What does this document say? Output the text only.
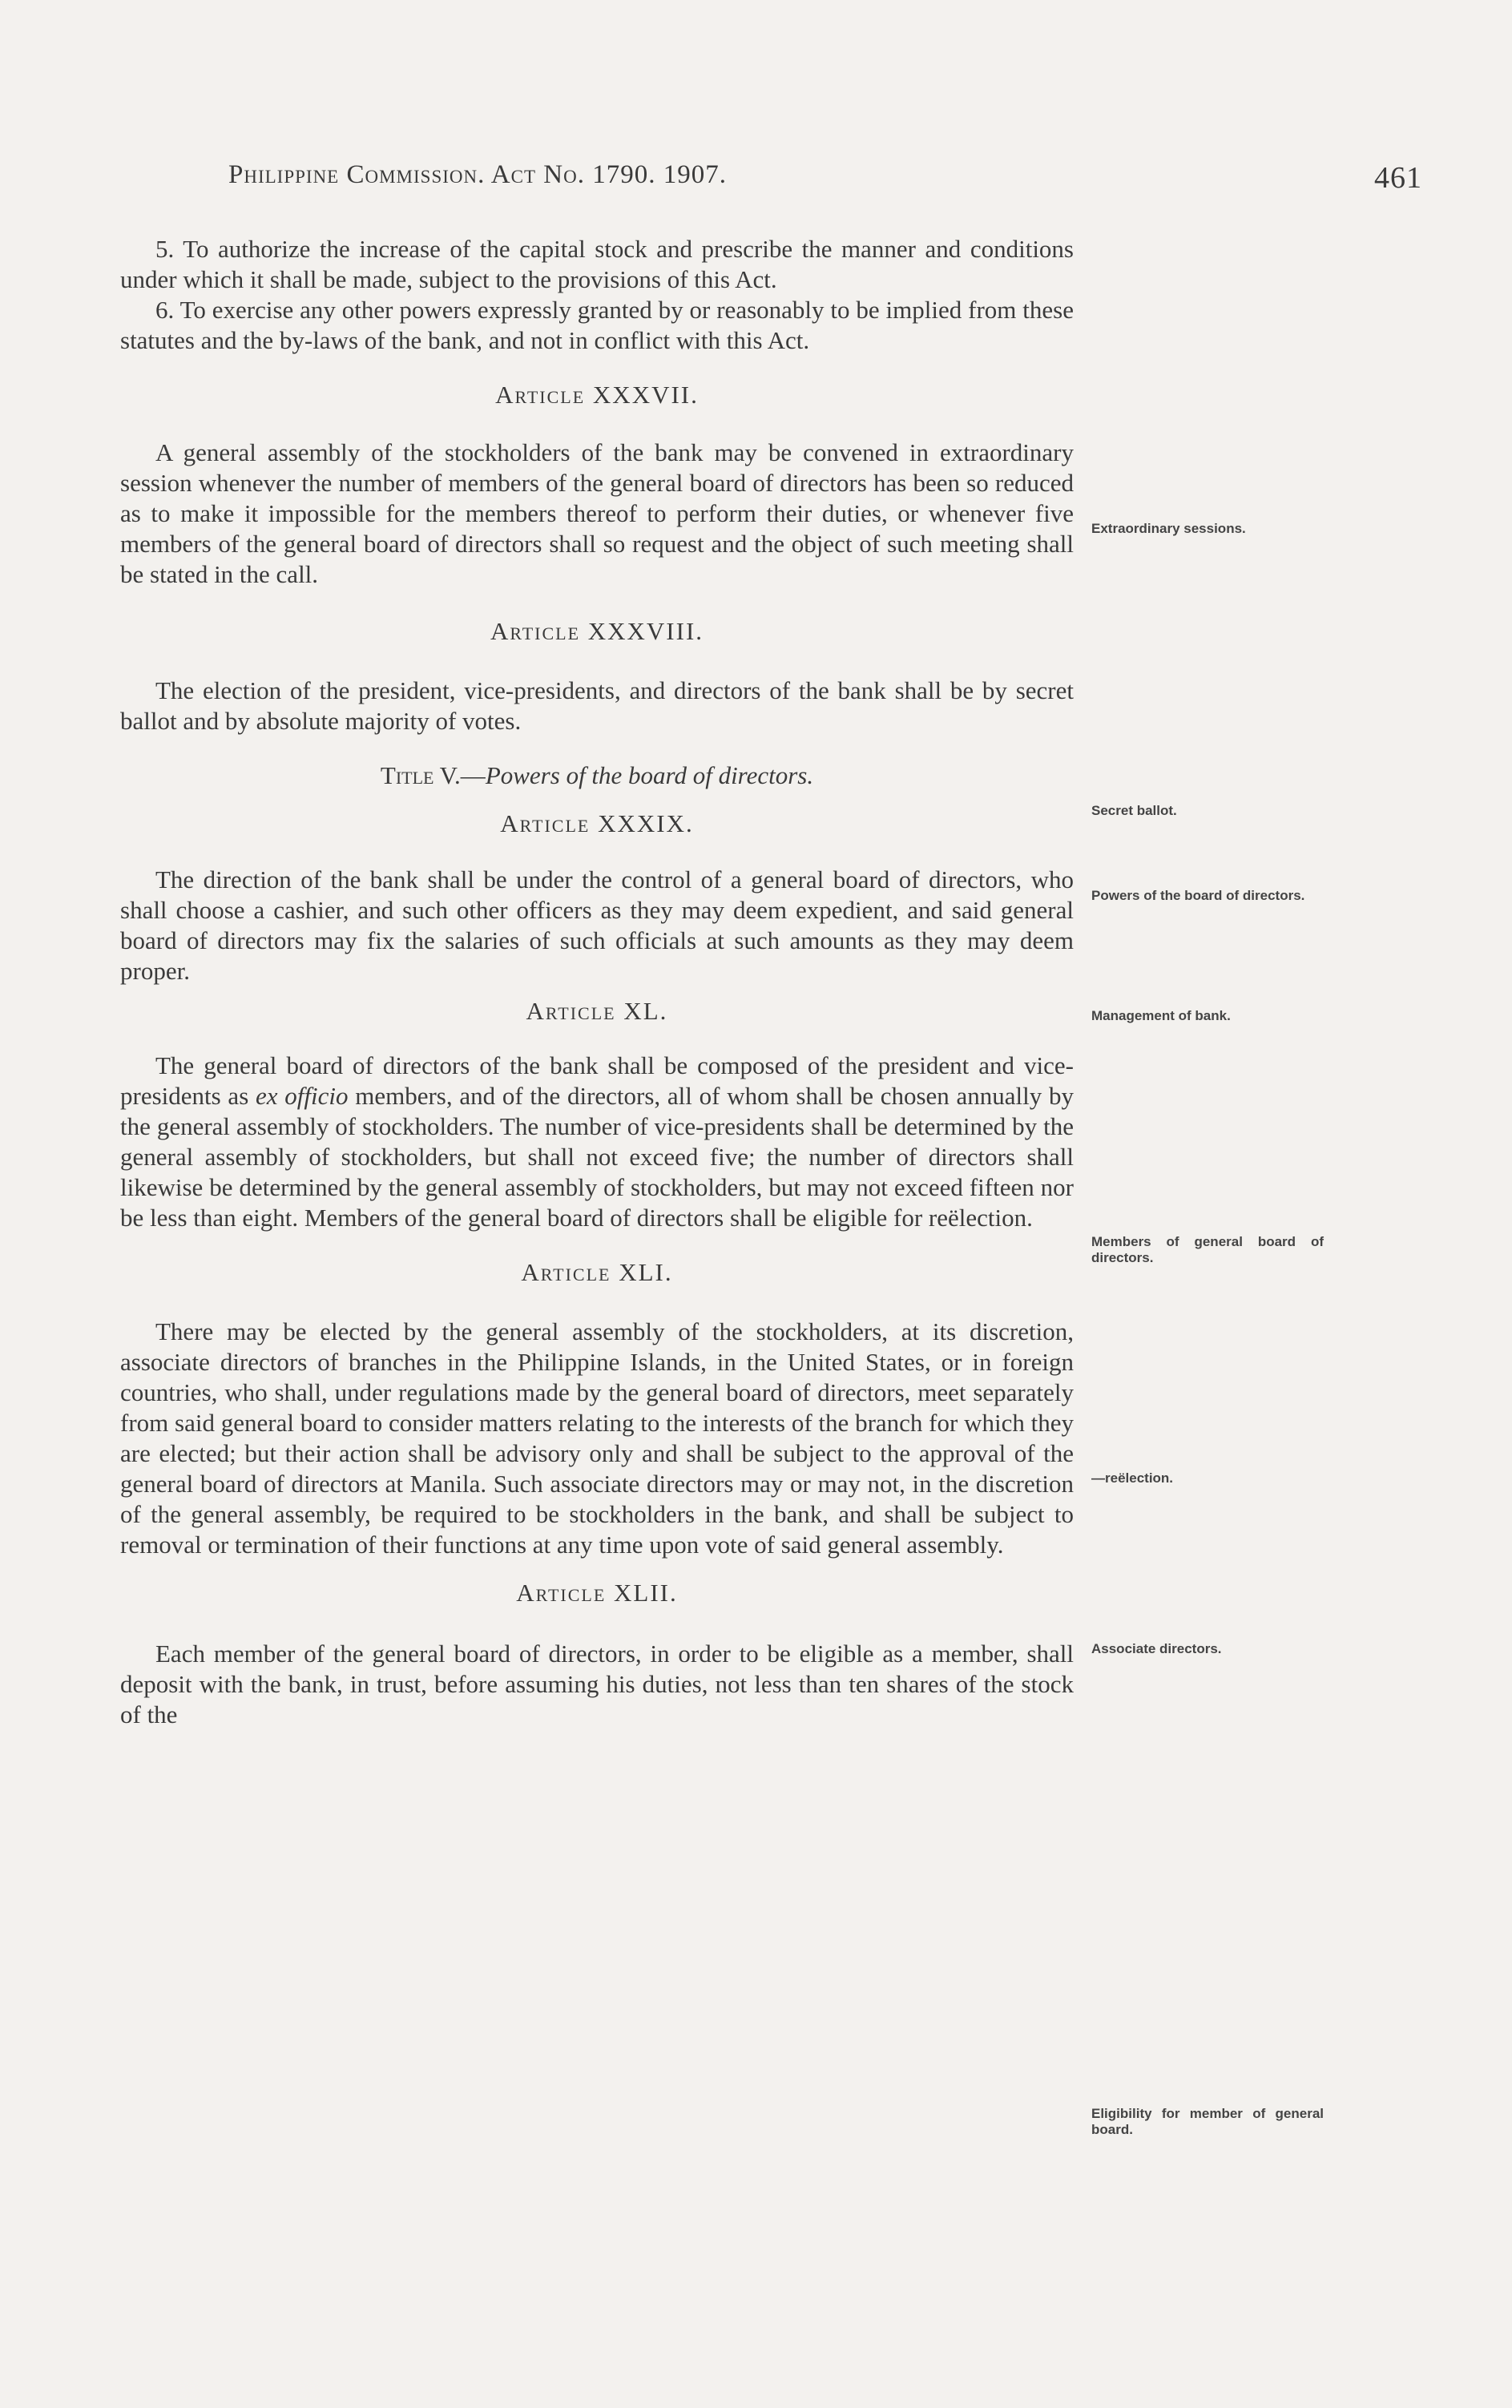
Philippine Commission. Act No. 1790. 1907.	461

5. To authorize the increase of the capital stock and prescribe the manner and conditions under which it shall be made, subject to the provisions of this Act.

6. To exercise any other powers expressly granted by or reasonably to be implied from these statutes and the by-laws of the bank, and not in conflict with this Act.

Article XXXVII.

A general assembly of the stockholders of the bank may be convened in extraordinary session whenever the number of members of the general board of directors has been so reduced as to make it impossible for the members thereof to perform their duties, or whenever five members of the general board of directors shall so request and the object of such meeting shall be stated in the call.

Article XXXVIII.

The election of the president, vice-presidents, and directors of the bank shall be by secret ballot and by absolute majority of votes.

Title V.—Powers of the board of directors.
Article XXXIX.

The direction of the bank shall be under the control of a general board of directors, who shall choose a cashier, and such other officers as they may deem expedient, and said general board of directors may fix the salaries of such officials at such amounts as they may deem proper.

Article XL.

The general board of directors of the bank shall be composed of the president and vice-presidents as ex officio members, and of the directors, all of whom shall be chosen annually by the general assembly of stockholders. The number of vice-presidents shall be determined by the general assembly of stockholders, but shall not exceed five; the number of directors shall likewise be determined by the general assembly of stockholders, but may not exceed fifteen nor be less than eight. Members of the general board of directors shall be eligible for reëlection.

Article XLI.

There may be elected by the general assembly of the stockholders, at its discretion, associate directors of branches in the Philippine Islands, in the United States, or in foreign countries, who shall, under regulations made by the general board of directors, meet separately from said general board to consider matters relating to the interests of the branch for which they are elected; but their action shall be advisory only and shall be subject to the approval of the general board of directors at Manila. Such associate directors may or may not, in the discretion of the general assembly, be required to be stockholders in the bank, and shall be subject to removal or termination of their functions at any time upon vote of said general assembly.

Article XLII.

Each member of the general board of directors, in order to be eligible as a member, shall deposit with the bank, in trust, before assuming his duties, not less than ten shares of the stock of the

Extraordinary sessions.
Secret ballot.
Powers of the board of directors.
Management of bank.
Members of general board of directors.
—reëlection.
Associate directors.
Eligibility for member of general board.
